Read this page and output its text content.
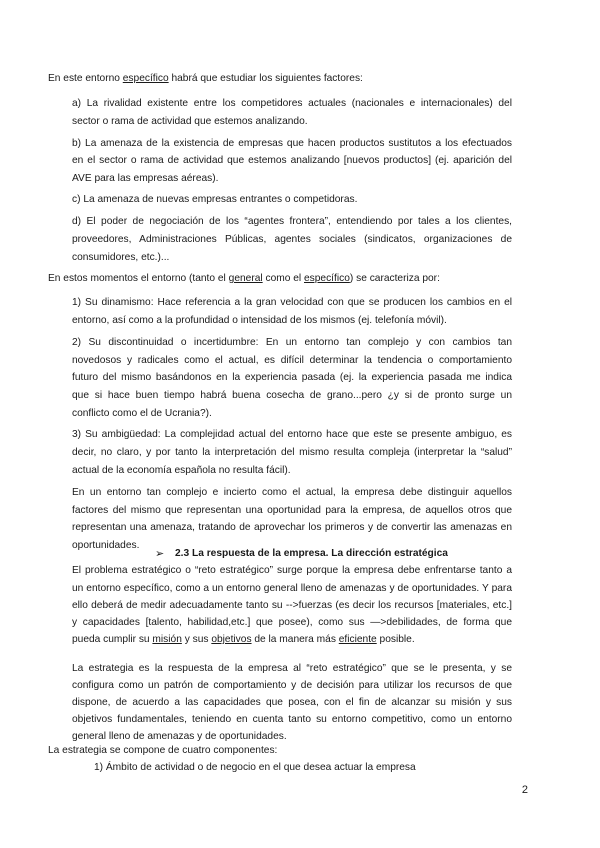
En este entorno específico habrá que estudiar los siguientes factores:
a) La rivalidad existente entre los competidores actuales (nacionales e internacionales) del
sector o rama de actividad que estemos analizando.
b) La amenaza de la existencia de empresas que hacen productos sustitutos a los efectuados
en el sector o rama de actividad que estemos analizando [nuevos productos] (ej. aparición del
AVE para las empresas aéreas).
c) La amenaza de nuevas empresas entrantes o competidoras.
d) El poder de negociación de los “agentes frontera”, entendiendo por tales a los clientes,
proveedores, Administraciones Públicas, agentes sociales (sindicatos, organizaciones de
consumidores, etc.)...
En estos momentos el entorno (tanto el general como el específico) se caracteriza por:
1) Su dinamismo: Hace referencia a la gran velocidad con que se producen los cambios en el
entorno, así como a la profundidad o intensidad de los mismos (ej. telefonía móvil).
2) Su discontinuidad o incertidumbre: En un entorno tan complejo y con cambios tan
novedosos y radicales como el actual, es difícil determinar la tendencia o comportamiento
futuro del mismo basándonos en la experiencia pasada (ej. la experiencia pasada me indica
que si hace buen tiempo habrá buena cosecha de grano...pero ¿y si de pronto surge un
conflicto como el de Ucrania?).
3) Su ambigüedad: La complejidad actual del entorno hace que este se presente ambiguo, es
decir, no claro, y por tanto la interpretación del mismo resulta compleja (interpretar la “salud”
actual de la economía española no resulta fácil).
En un entorno tan complejo e incierto como el actual, la empresa debe distinguir aquellos
factores del mismo que representan una oportunidad para la empresa, de aquellos otros que
representan una amenaza, tratando de aprovechar los primeros y de convertir las amenazas en
oportunidades.
➢ 2.3 La respuesta de la empresa. La dirección estratégica
El problema estratégico o “reto estratégico” surge porque la empresa debe enfrentarse tanto a
un entorno específico, como a un entorno general lleno de amenazas y de oportunidades. Y para
ello deberá de medir adecuadamente tanto su -->fuerzas (es decir los recursos [materiales, etc.]
y capacidades [talento, habilidad,etc.] que posee), como sus —>debilidades, de forma que
pueda cumplir su misión y sus objetivos de la manera más eficiente posible.
La estrategia es la respuesta de la empresa al “reto estratégico” que se le presenta, y se
configura como un patrón de comportamiento y de decisión para utilizar los recursos de que
dispone, de acuerdo a las capacidades que posea, con el fin de alcanzar su misión y sus
objetivos fundamentales, teniendo en cuenta tanto su entorno competitivo, como un entorno
general lleno de amenazas y de oportunidades.
La estrategia se compone de cuatro componentes:
1) Ámbito de actividad o de negocio en el que desea actuar la empresa
2
